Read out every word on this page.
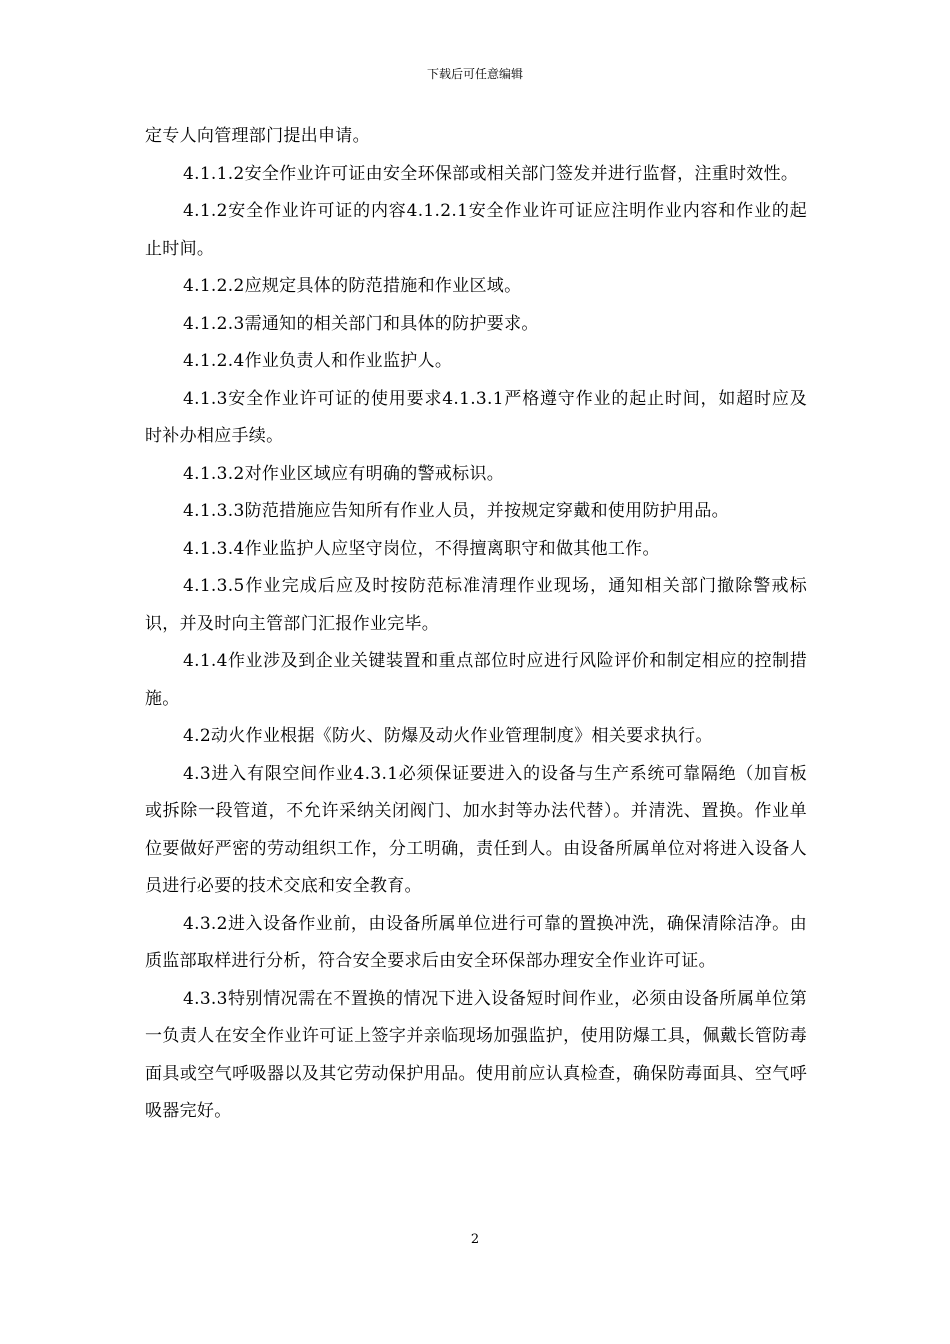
下载后可任意编辑

定专人向管理部门提出申请。

4.1.1.2安全作业许可证由安全环保部或相关部门签发并进行监督，注重时效性。

4.1.2安全作业许可证的内容4.1.2.1安全作业许可证应注明作业内容和作业的起止时间。

4.1.2.2应规定具体的防范措施和作业区域。

4.1.2.3需通知的相关部门和具体的防护要求。

4.1.2.4作业负责人和作业监护人。

4.1.3安全作业许可证的使用要求4.1.3.1严格遵守作业的起止时间，如超时应及时补办相应手续。

4.1.3.2对作业区域应有明确的警戒标识。

4.1.3.3防范措施应告知所有作业人员，并按规定穿戴和使用防护用品。

4.1.3.4作业监护人应坚守岗位，不得擅离职守和做其他工作。

4.1.3.5作业完成后应及时按防范标准清理作业现场，通知相关部门撤除警戒标识，并及时向主管部门汇报作业完毕。

4.1.4作业涉及到企业关键装置和重点部位时应进行风险评价和制定相应的控制措施。

4.2动火作业根据《防火、防爆及动火作业管理制度》相关要求执行。

4.3进入有限空间作业4.3.1必须保证要进入的设备与生产系统可靠隔绝（加盲板或拆除一段管道，不允许采纳关闭阀门、加水封等办法代替）。并清洗、置换。作业单位要做好严密的劳动组织工作，分工明确，责任到人。由设备所属单位对将进入设备人员进行必要的技术交底和安全教育。

4.3.2进入设备作业前，由设备所属单位进行可靠的置换冲洗，确保清除洁净。由质监部取样进行分析，符合安全要求后由安全环保部办理安全作业许可证。

4.3.3特别情况需在不置换的情况下进入设备短时间作业，必须由设备所属单位第一负责人在安全作业许可证上签字并亲临现场加强监护，使用防爆工具，佩戴长管防毒面具或空气呼吸器以及其它劳动保护用品。使用前应认真检查，确保防毒面具、空气呼吸器完好。

2
